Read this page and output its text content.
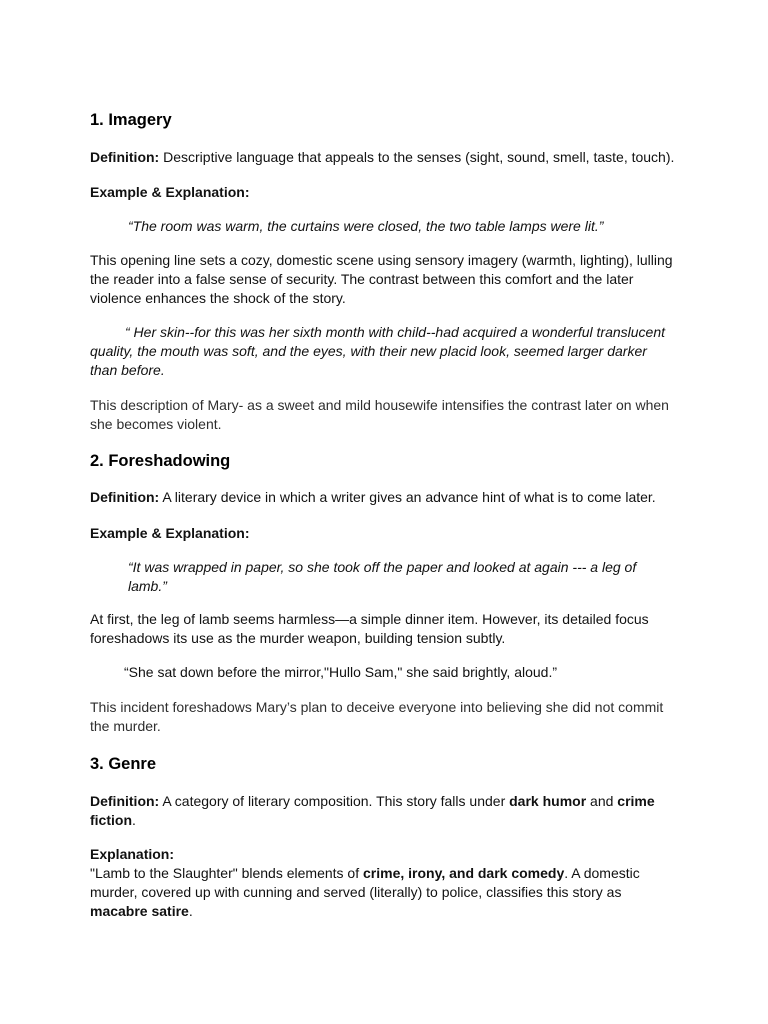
1. Imagery

Definition: Descriptive language that appeals to the senses (sight, sound, smell, taste, touch).

Example & Explanation:

“The room was warm, the curtains were closed, the two table lamps were lit.”

This opening line sets a cozy, domestic scene using sensory imagery (warmth, lighting), lulling the reader into a false sense of security. The contrast between this comfort and the later violence enhances the shock of the story.

“ Her skin--for this was her sixth month with child--had acquired a wonderful translucent quality, the mouth was soft, and the eyes, with their new placid look, seemed larger darker than before.

This description of Mary- as a sweet and mild housewife intensifies the contrast later on when she becomes violent.

2. Foreshadowing

Definition: A literary device in which a writer gives an advance hint of what is to come later.

Example & Explanation:

“It was wrapped in paper, so she took off the paper and looked at again --- a leg of lamb.”

At first, the leg of lamb seems harmless—a simple dinner item. However, its detailed focus foreshadows its use as the murder weapon, building tension subtly.

“She sat down before the mirror,"Hullo Sam," she said brightly, aloud.”

This incident foreshadows Mary’s plan to deceive everyone into believing she did not commit the murder.

3. Genre

Definition: A category of literary composition. This story falls under dark humor and crime fiction.

Explanation:

"Lamb to the Slaughter" blends elements of crime, irony, and dark comedy. A domestic murder, covered up with cunning and served (literally) to police, classifies this story as macabre satire.
